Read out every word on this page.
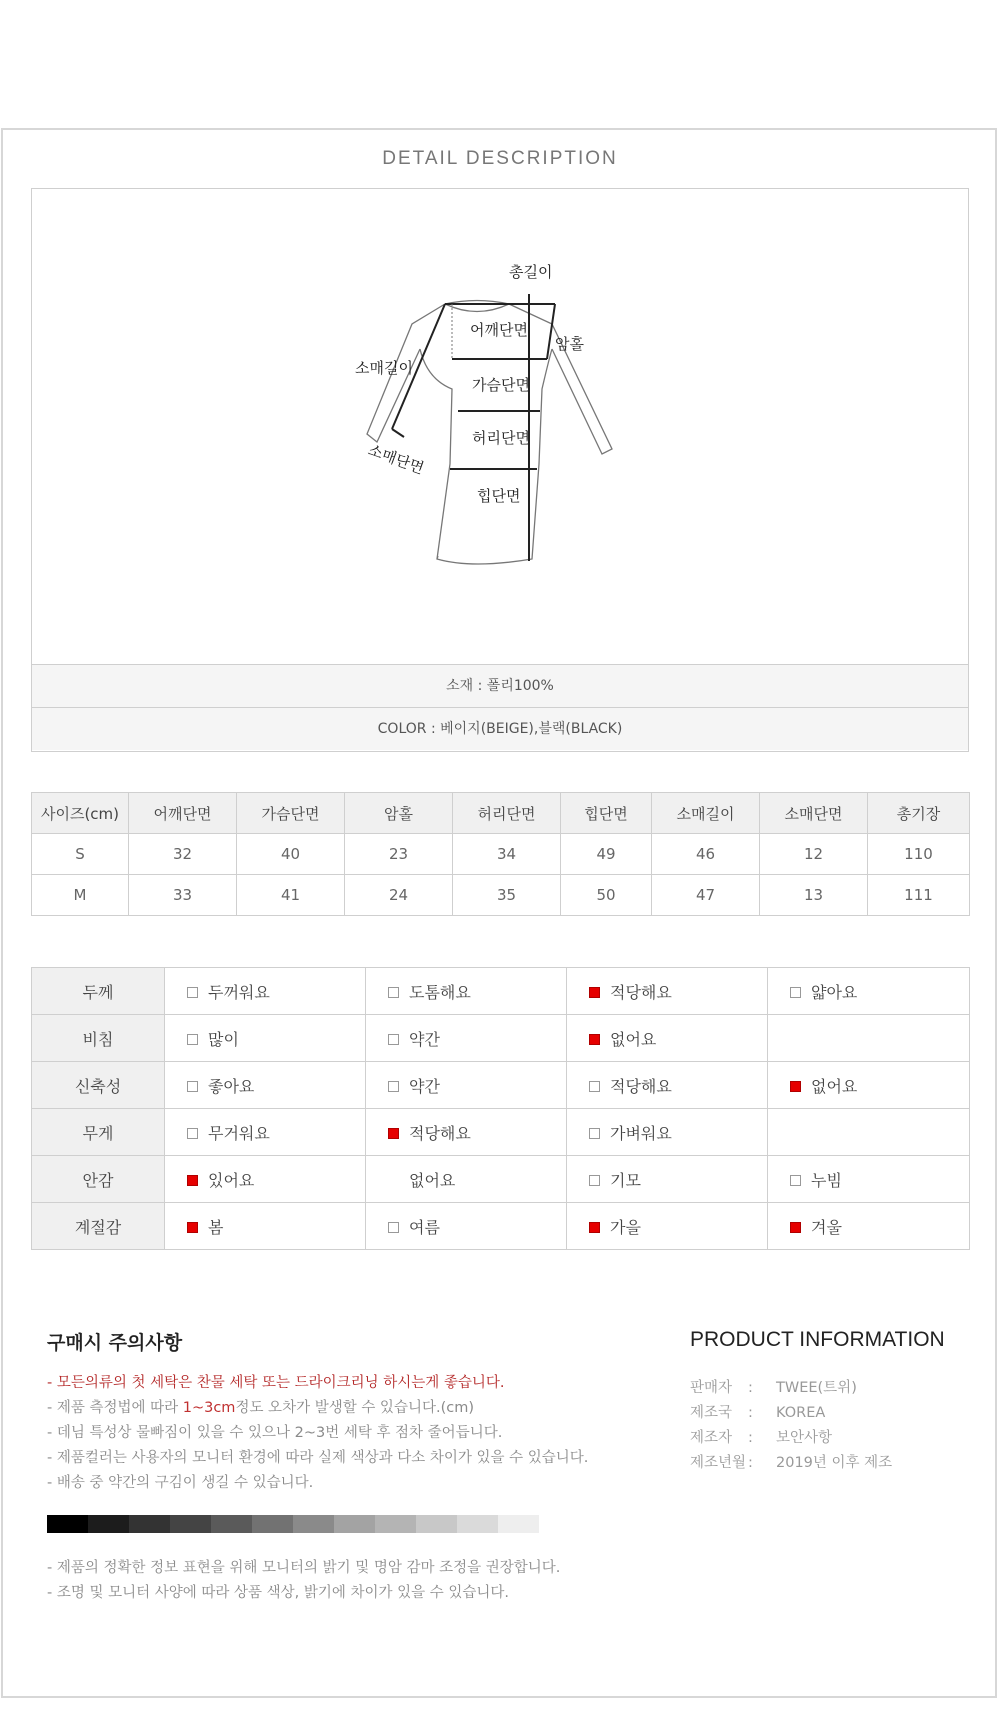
DETAIL DESCRIPTION
총길이
어깨단면
암홀
소매길이
가슴단면
허리단면
소매단면
힙단면
소재 : 폴리100%
COLOR : 베이지(BEIGE),블랙(BLACK)
사이즈(cm)	어깨단면	가슴단면	암홀	허리단면	힙단면	소매길이	소매단면	총기장
S	32	40	23	34	49	46	12	110
M	33	41	24	35	50	47	13	111
두께	두꺼워요	도톰해요	적당해요	얇아요
비침	많이	약간	없어요	
신축성	좋아요	약간	적당해요	없어요
무게	무거워요	적당해요	가벼워요	
안감	있어요	없어요	기모	누빔
계절감	봄	여름	가을	겨울
구매시 주의사항
- 모든의류의 첫 세탁은 찬물 세탁 또는 드라이크리닝 하시는게 좋습니다.
- 제품 측정법에 따라 1~3cm정도 오차가 발생할 수 있습니다.(cm)
- 데님 특성상 물빠짐이 있을 수 있으나 2~3번 세탁 후 점차 줄어듭니다.
- 제품컬러는 사용자의 모니터 환경에 따라 실제 색상과 다소 차이가 있을 수 있습니다.
- 배송 중 약간의 구김이 생길 수 있습니다.
- 제품의 정확한 정보 표현을 위해 모니터의 밝기 및 명암 감마 조정을 권장합니다.
- 조명 및 모니터 사양에 따라 상품 색상, 밝기에 차이가 있을 수 있습니다.
PRODUCT INFORMATION
판매자 : TWEE(트위)
제조국 : KOREA
제조자 : 보안사항
제조년월 : 2019년 이후 제조
